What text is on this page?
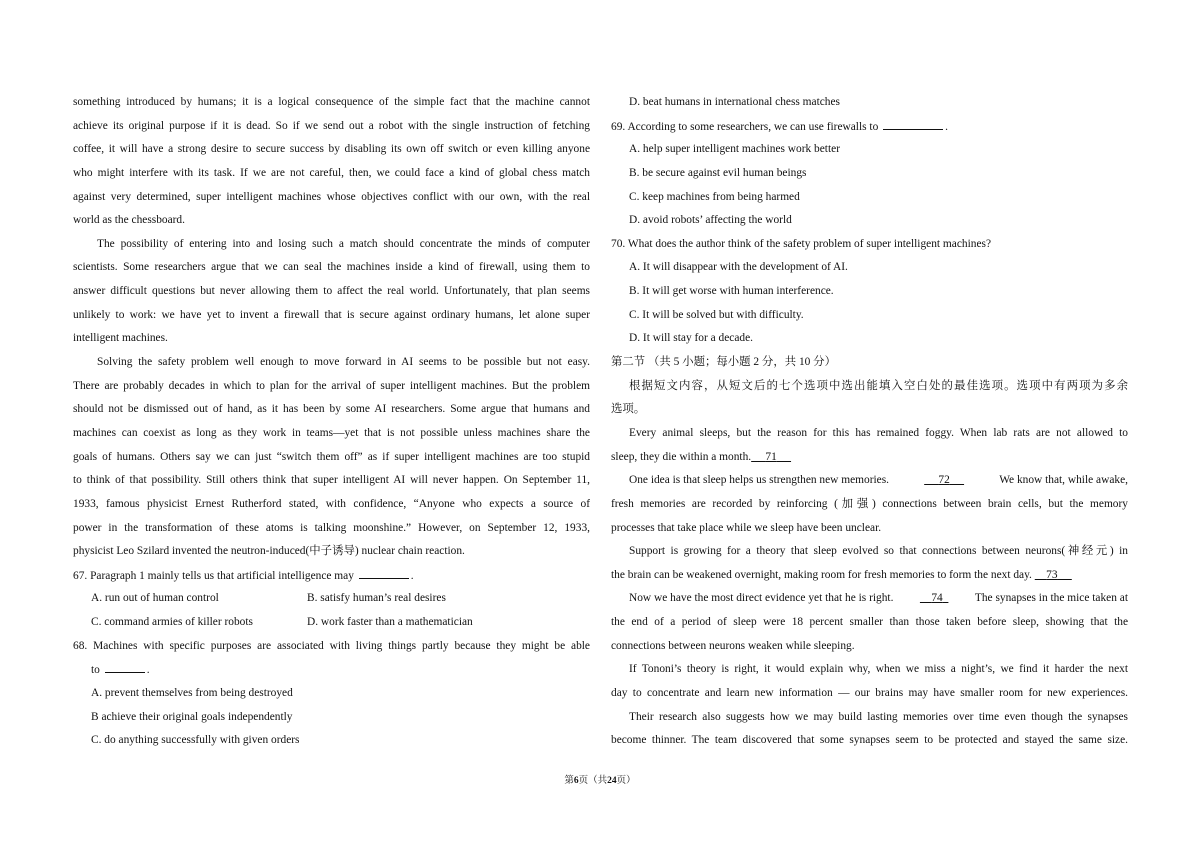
something introduced by humans; it is a logical consequence of the simple fact that the machine cannot
achieve its original purpose if it is dead. So if we send out a robot with the single instruction of fetching
coffee, it will have a strong desire to secure success by disabling its own off switch or even killing anyone
who might interfere with its task. If we are not careful, then, we could face a kind of global chess match
against very determined, super intelligent machines whose objectives conflict with our own, with the real
world as the chessboard.
The possibility of entering into and losing such a match should concentrate the minds of computer
scientists. Some researchers argue that we can seal the machines inside a kind of firewall, using them to
answer difficult questions but never allowing them to affect the real world. Unfortunately, that plan seems
unlikely to work: we have yet to invent a firewall that is secure against ordinary humans, let alone super
intelligent machines.
Solving the safety problem well enough to move forward in AI seems to be possible but not easy.
There are probably decades in which to plan for the arrival of super intelligent machines. But the problem
should not be dismissed out of hand, as it has been by some AI researchers. Some argue that humans and
machines can coexist as long as they work in teams—yet that is not possible unless machines share the
goals of humans. Others say we can just “switch them off” as if super intelligent machines are too stupid
to think of that possibility. Still others think that super intelligent AI will never happen. On September 11,
1933, famous physicist Ernest Rutherford stated, with confidence, “Anyone who expects a source of
power in the transformation of these atoms is talking moonshine.” However, on September 12, 1933,
physicist Leo Szilard invented the neutron-induced(中子诱导) nuclear chain reaction.
67. Paragraph 1 mainly tells us that artificial intelligence may	.
A. run out of human control	B. satisfy human’s real desires
C. command armies of killer robots	D. work faster than a mathematician
68. Machines with specific purposes are associated with living things partly because they might be able
to	.
A. prevent themselves from being destroyed
B achieve their original goals independently
C. do anything successfully with given orders
D. beat humans in international chess matches
69. According to some researchers, we can use firewalls to	.
A. help super intelligent machines work better
B. be secure against evil human beings
C. keep machines from being harmed
D. avoid robots’ affecting the world
70. What does the author think of the safety problem of super intelligent machines?
A. It will disappear with the development of AI.
B. It will get worse with human interference.
C. It will be solved but with difficulty.
D. It will stay for a decade.
第二节 （共 5 小题；每小题 2 分，共 10 分）
根据短文内容，从短文后的七个选项中选出能填入空白处的最佳选项。选项中有两项为多余
选项。
Every animal sleeps, but the reason for this has remained foggy. When lab rats are not allowed to
sleep, they die within a month. 71
One idea is that sleep helps us strengthen new memories.	72	We know that, while awake,
fresh memories are recorded by reinforcing (加强) connections between brain cells, but the memory
processes that take place while we sleep have been unclear.
Support is growing for a theory that sleep evolved so that connections between neurons(神经元) in
the brain can be weakened overnight, making room for fresh memories to form the next day. 73
Now we have the most direct evidence yet that he is right.	74	The synapses in the mice taken at
the end of a period of sleep were 18 percent smaller than those taken before sleep, showing that the
connections between neurons weaken while sleeping.
If Tononi’s theory is right, it would explain why, when we miss a night’s, we find it harder the next
day to concentrate and learn new information — our brains may have smaller room for new experiences.
Their research also suggests how we may build lasting memories over time even though the synapses
become thinner. The team discovered that some synapses seem to be protected and stayed the same size.
第6页（共24页）
